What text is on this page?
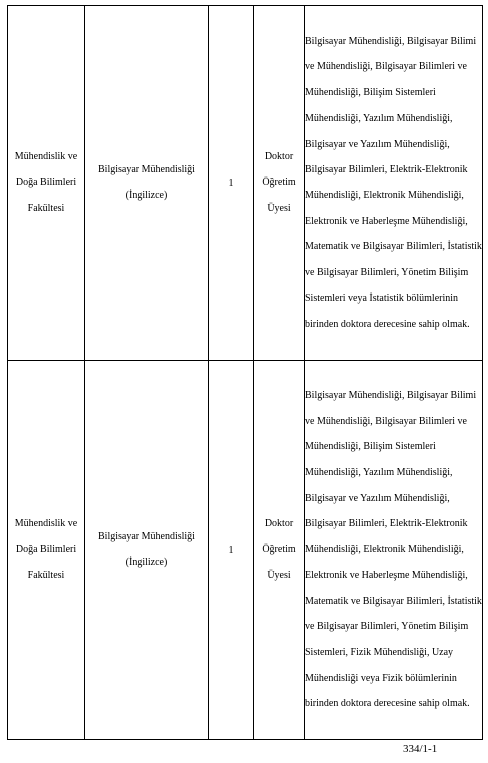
Mühendislik ve Doğa Bilimleri Fakültesi	Bilgisayar Mühendisliği (İngilizce)	1	Doktor Öğretim Üyesi	Bilgisayar Mühendisliği, Bilgisayar Bilimi ve Mühendisliği, Bilgisayar Bilimleri ve Mühendisliği, Bilişim Sistemleri Mühendisliği, Yazılım Mühendisliği, Bilgisayar ve Yazılım Mühendisliği, Bilgisayar Bilimleri, Elektrik-Elektronik Mühendisliği, Elektronik Mühendisliği, Elektronik ve Haberleşme Mühendisliği, Matematik ve Bilgisayar Bilimleri, İstatistik ve Bilgisayar Bilimleri, Yönetim Bilişim Sistemleri veya İstatistik bölümlerinin birinden doktora derecesine sahip olmak.

Mühendislik ve Doğa Bilimleri Fakültesi	Bilgisayar Mühendisliği (İngilizce)	1	Doktor Öğretim Üyesi	Bilgisayar Mühendisliği, Bilgisayar Bilimi ve Mühendisliği, Bilgisayar Bilimleri ve Mühendisliği, Bilişim Sistemleri Mühendisliği, Yazılım Mühendisliği, Bilgisayar ve Yazılım Mühendisliği, Bilgisayar Bilimleri, Elektrik-Elektronik Mühendisliği, Elektronik Mühendisliği, Elektronik ve Haberleşme Mühendisliği, Matematik ve Bilgisayar Bilimleri, İstatistik ve Bilgisayar Bilimleri, Yönetim Bilişim Sistemleri, Fizik Mühendisliği, Uzay Mühendisliği veya Fizik bölümlerinin birinden doktora derecesine sahip olmak.
334/1-1
